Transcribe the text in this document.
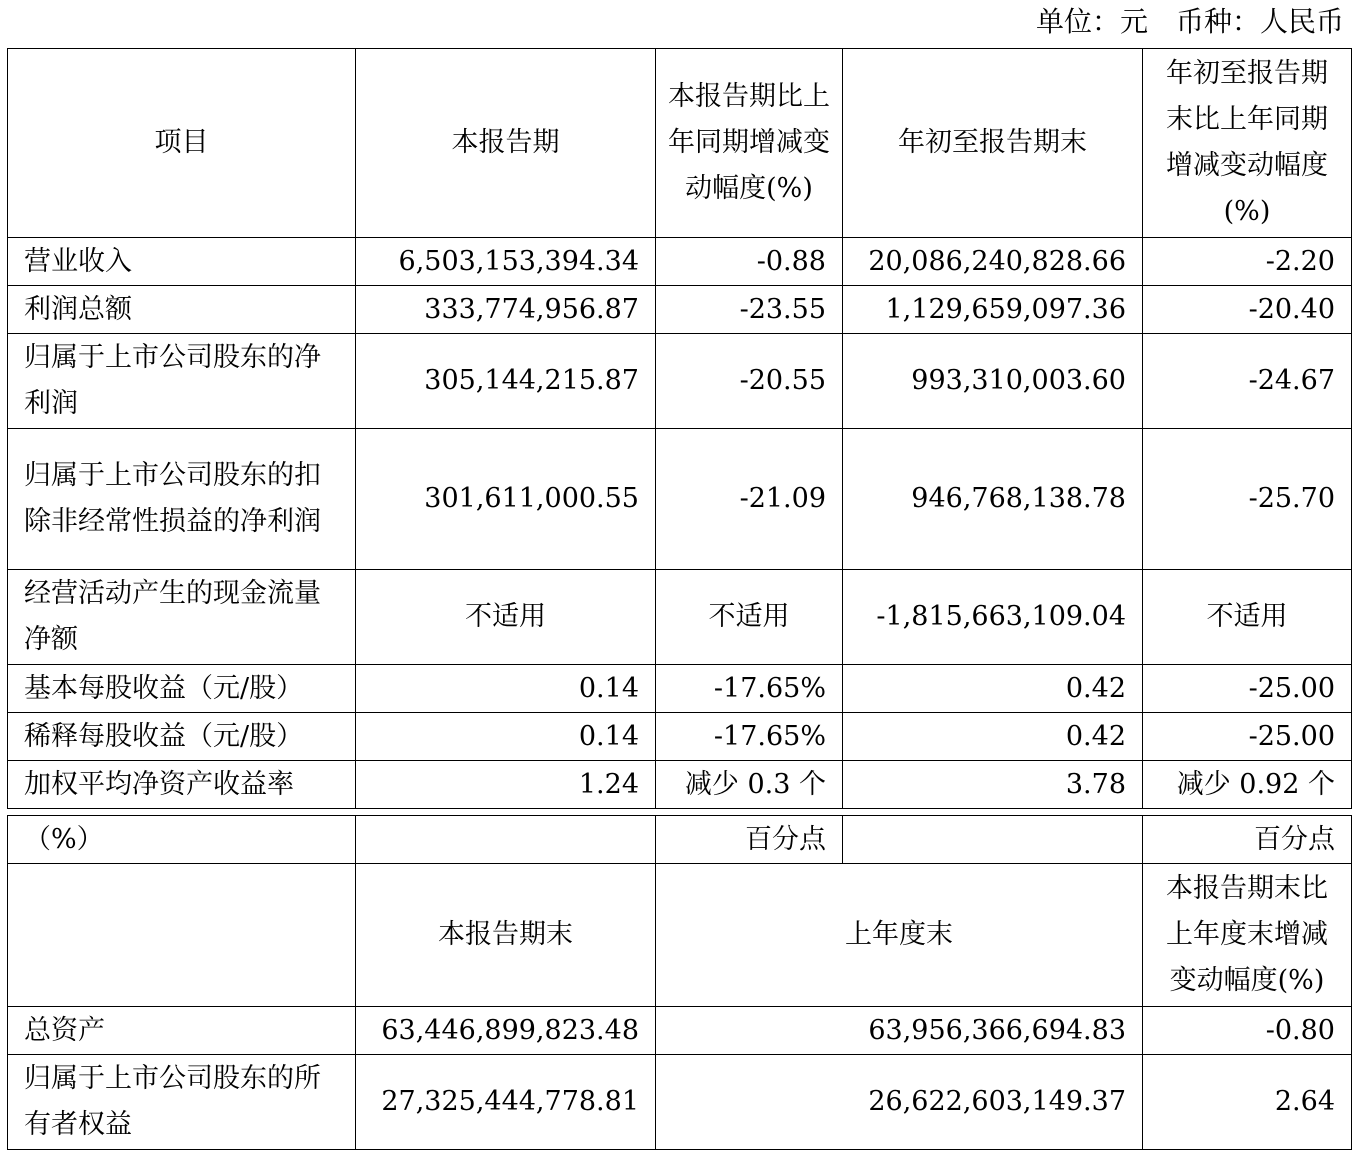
单位：元　币种：人民币
项目	本报告期	本报告期比上年同期增减变动幅度(%)	年初至报告期末	年初至报告期末比上年同期增减变动幅度(%)
营业收入	6,503,153,394.34	-0.88	20,086,240,828.66	-2.20
利润总额	333,774,956.87	-23.55	1,129,659,097.36	-20.40
归属于上市公司股东的净利润	305,144,215.87	-20.55	993,310,003.60	-24.67
归属于上市公司股东的扣除非经常性损益的净利润	301,611,000.55	-21.09	946,768,138.78	-25.70
经营活动产生的现金流量净额	不适用	不适用	-1,815,663,109.04	不适用
基本每股收益（元/股）	0.14	-17.65%	0.42	-25.00
稀释每股收益（元/股）	0.14	-17.65%	0.42	-25.00
加权平均净资产收益率	1.24	减少 0.3 个	3.78	减少 0.92 个
（%）		百分点		百分点
	本报告期末	上年度末		本报告期末比上年度末增减变动幅度(%)
总资产	63,446,899,823.48	63,956,366,694.83		-0.80
归属于上市公司股东的所有者权益	27,325,444,778.81	26,622,603,149.37		2.64
